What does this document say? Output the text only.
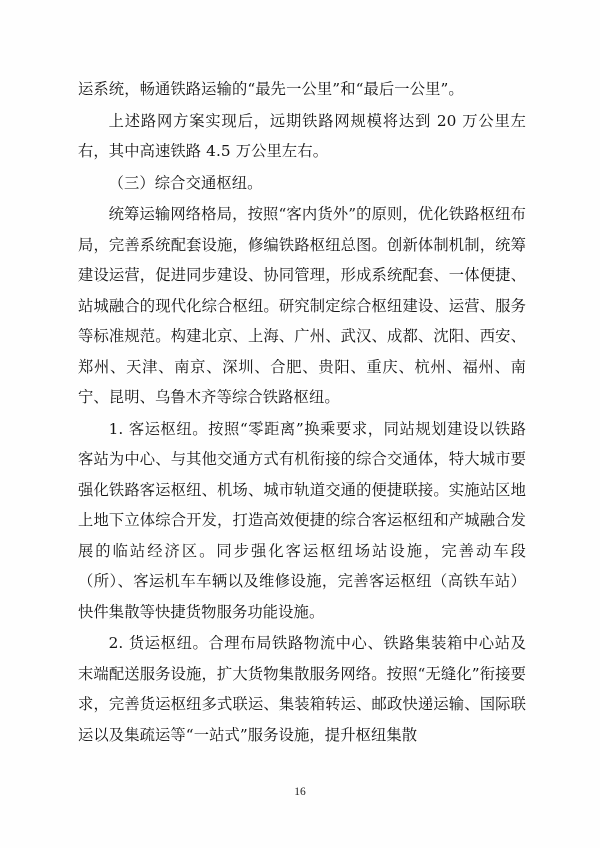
运系统，畅通铁路运输的“最先一公里”和“最后一公里”。

上述路网方案实现后，远期铁路网规模将达到 20 万公里左右，其中高速铁路 4.5 万公里左右。

（三）综合交通枢纽。

统筹运输网络格局，按照“客内货外”的原则，优化铁路枢纽布局，完善系统配套设施，修编铁路枢纽总图。创新体制机制，统筹建设运营，促进同步建设、协同管理，形成系统配套、一体便捷、站城融合的现代化综合枢纽。研究制定综合枢纽建设、运营、服务等标准规范。构建北京、上海、广州、武汉、成都、沈阳、西安、郑州、天津、南京、深圳、合肥、贵阳、重庆、杭州、福州、南宁、昆明、乌鲁木齐等综合铁路枢纽。

1. 客运枢纽。按照“零距离”换乘要求，同站规划建设以铁路客站为中心、与其他交通方式有机衔接的综合交通体，特大城市要强化铁路客运枢纽、机场、城市轨道交通的便捷联接。实施站区地上地下立体综合开发，打造高效便捷的综合客运枢纽和产城融合发展的临站经济区。同步强化客运枢纽场站设施，完善动车段（所）、客运机车车辆以及维修设施，完善客运枢纽（高铁车站）快件集散等快捷货物服务功能设施。

2. 货运枢纽。合理布局铁路物流中心、铁路集装箱中心站及末端配送服务设施，扩大货物集散服务网络。按照“无缝化”衔接要求，完善货运枢纽多式联运、集装箱转运、邮政快递运输、国际联运以及集疏运等“一站式”服务设施，提升枢纽集散

16
